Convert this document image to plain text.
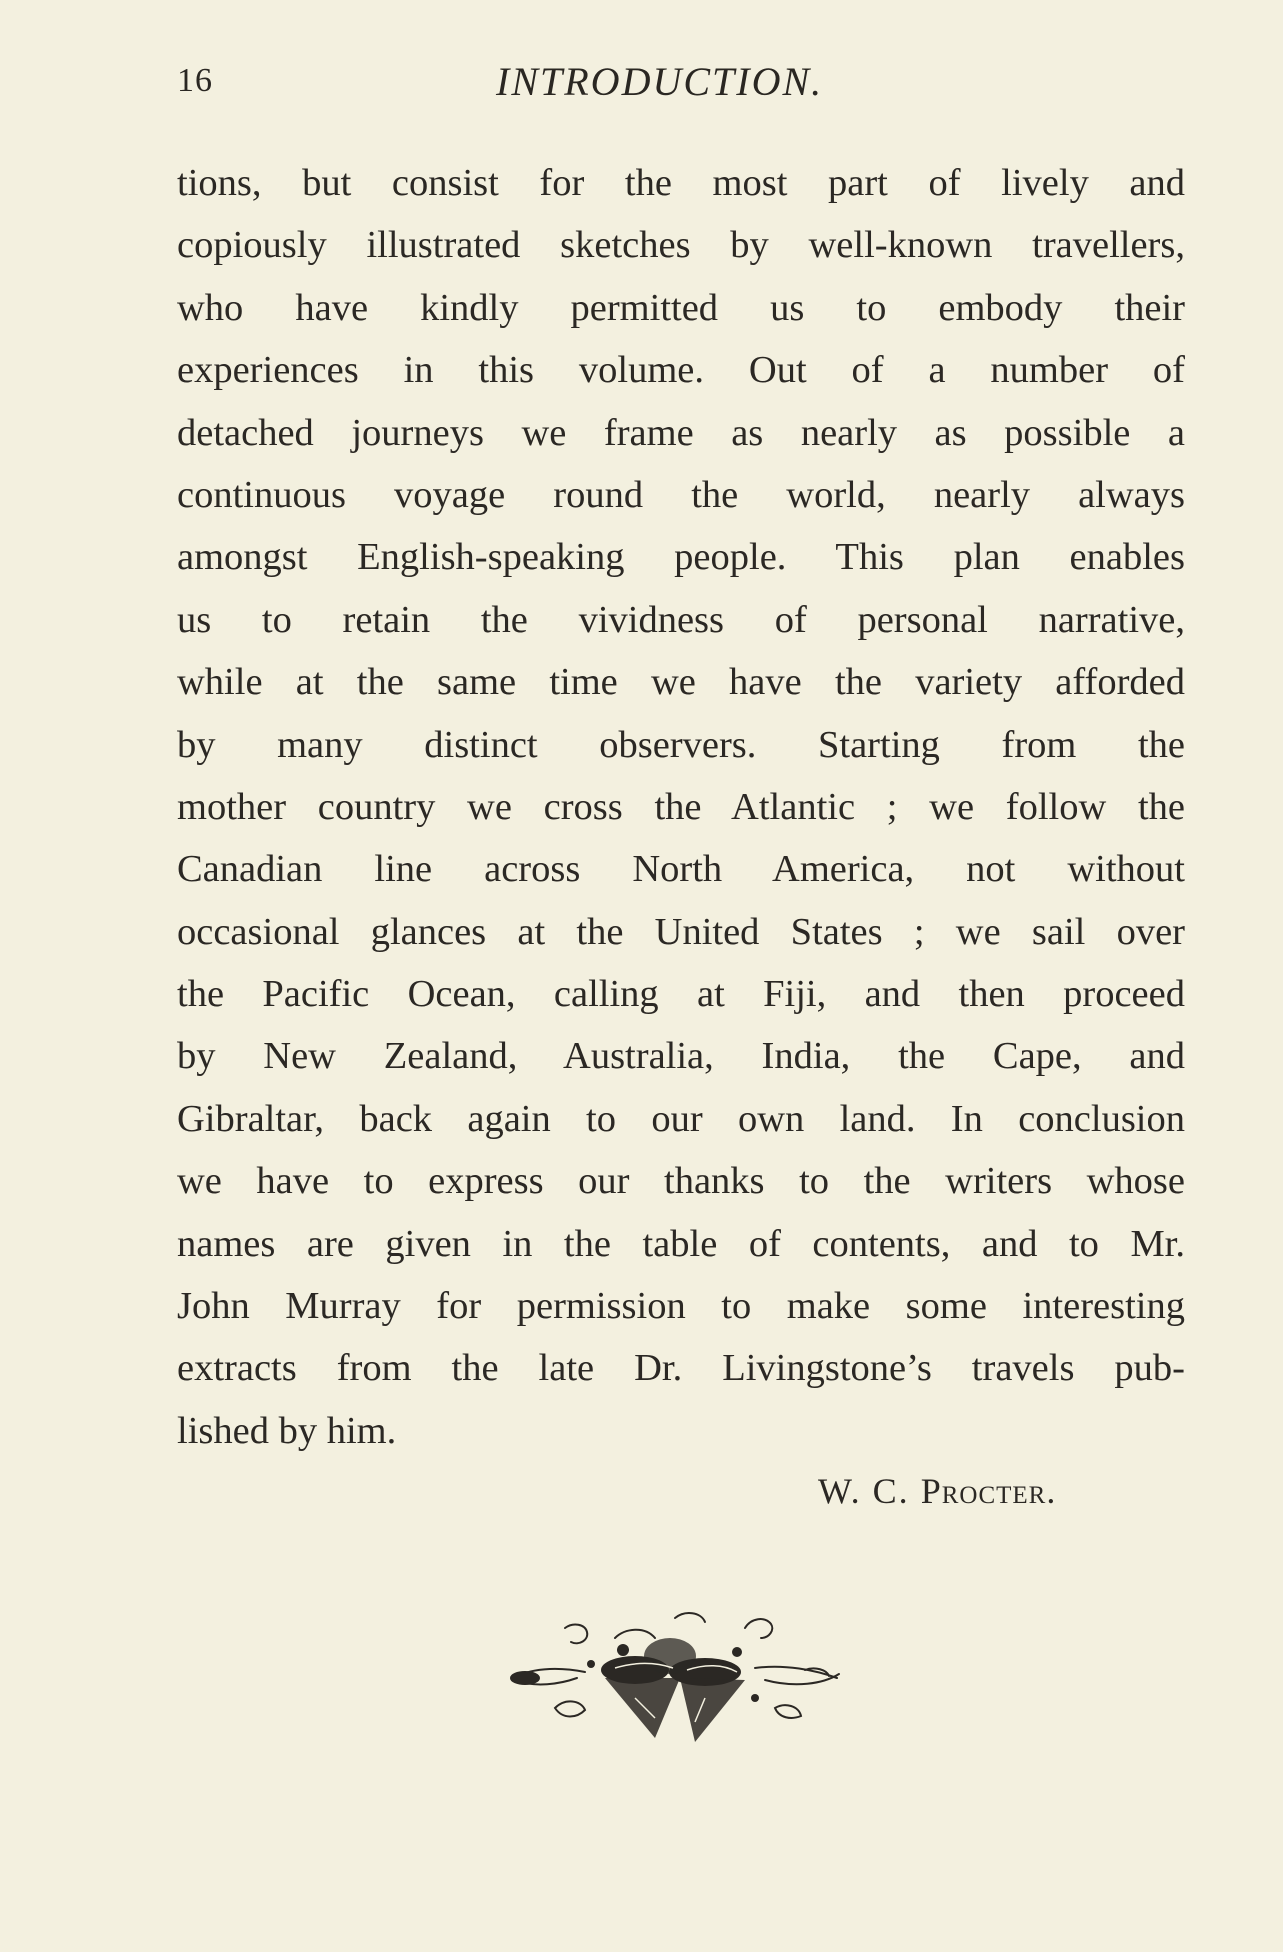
16	INTRODUCTION.
tions, but consist for the most part of lively and
copiously illustrated sketches by well-known travellers,
who have kindly permitted us to embody their
experiences in this volume. Out of a number of
detached journeys we frame as nearly as possible a
continuous voyage round the world, nearly always
amongst English-speaking people. This plan enables
us to retain the vividness of personal narrative,
while at the same time we have the variety afforded
by many distinct observers. Starting from the
mother country we cross the Atlantic ; we follow the
Canadian line across North America, not without
occasional glances at the United States ; we sail over
the Pacific Ocean, calling at Fiji, and then proceed
by New Zealand, Australia, India, the Cape, and
Gibraltar, back again to our own land. In conclusion
we have to express our thanks to the writers whose
names are given in the table of contents, and to Mr.
John Murray for permission to make some interesting
extracts from the late Dr. Livingstone’s travels pub-
lished by him.
W. C. Procter.
